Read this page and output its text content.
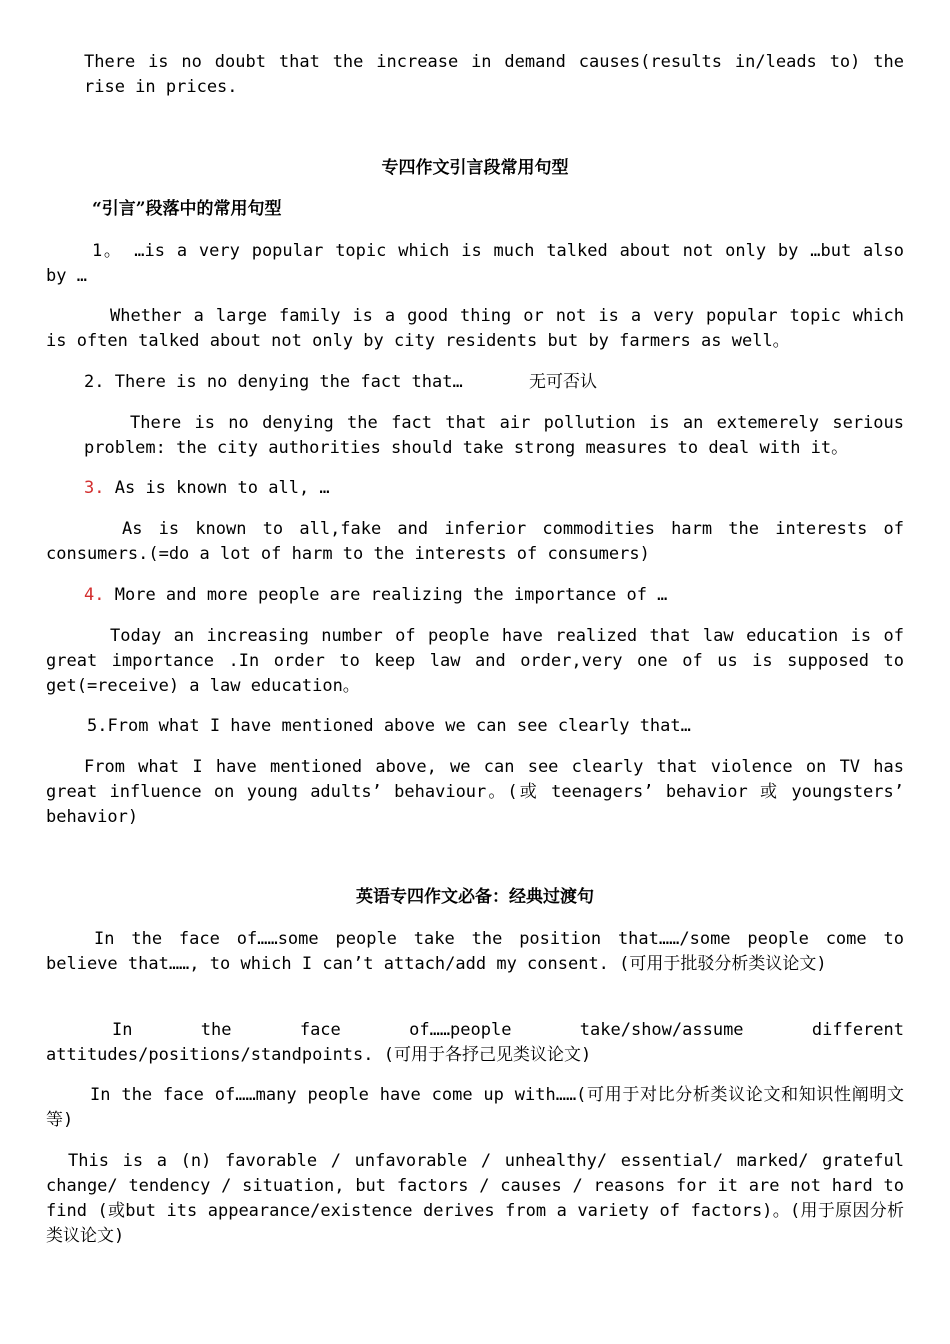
There is no doubt that the increase in demand causes(results in/leads to) the rise in prices.

专四作文引言段常用句型

“引言”段落中的常用句型

1。 …is a very popular topic which is much talked about not only by …but also by …

Whether a large family is a good thing or not is a very popular topic which is often talked about not only by city residents but by farmers as well。

2. There is no denying the fact that…	无可否认

There is no denying the fact that air pollution is an extemerely serious problem: the city authorities should take strong measures to deal with it。

3. As is known to all, …

As is known to all,fake and inferior commodities harm the interests of consumers.(=do a lot of harm to the interests of consumers)

4. More and more people are realizing the importance of …

Today an increasing number of people have realized that law education is of great importance .In order to keep law and order,very one of us is supposed to get(=receive) a law education。

5.From what I have mentioned above we can see clearly that…

From what I have mentioned above, we can see clearly that violence on TV has great influence on young adults’ behaviour。(或 teenagers’ behavior 或 youngsters’ behavior)

英语专四作文必备：经典过渡句

In the face of……some people take the position that……/some people come to believe that……, to which I can’t attach/add my consent. (可用于批驳分析类议论文)

In the face of……people take/show/assume different attitudes/positions/standpoints. (可用于各抒己见类议论文)

In the face of……many people have come up with……(可用于对比分析类议论文和知识性阐明文等)

This is a (n) favorable / unfavorable / unhealthy/ essential/ marked/ grateful change/ tendency / situation, but factors / causes / reasons for it are not hard to find (或but its appearance/existence derives from a variety of factors)。(用于原因分析类议论文)
